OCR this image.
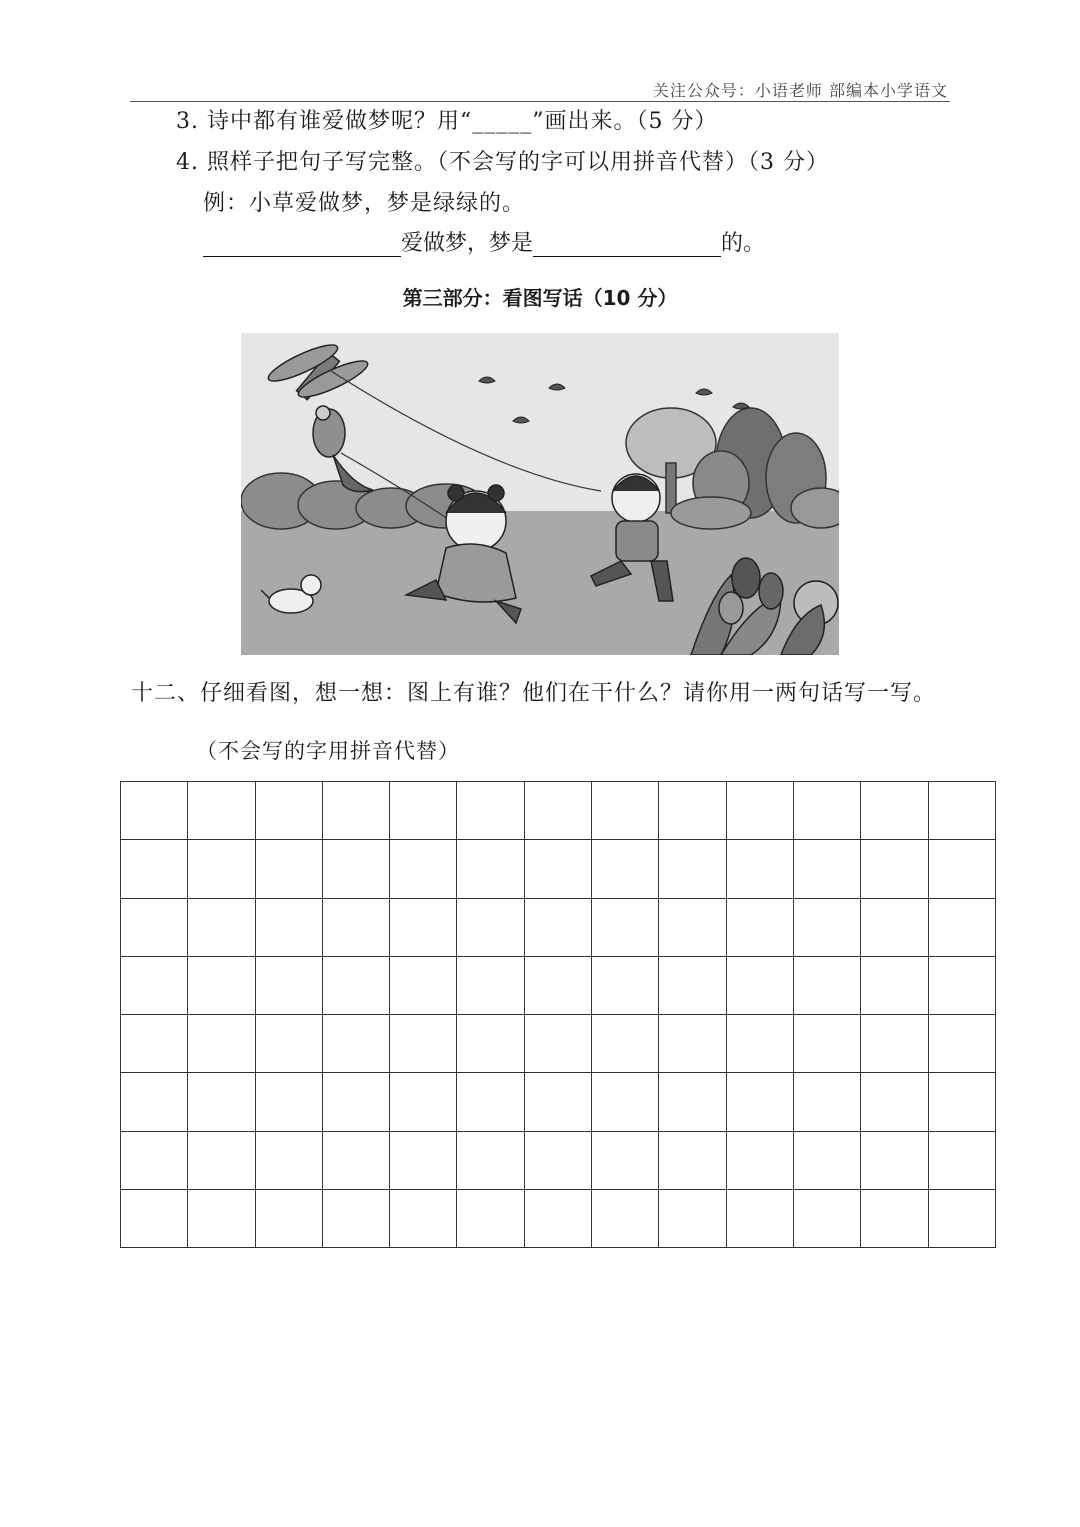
关注公众号：小语老师 部编本小学语文
3. 诗中都有谁爱做梦呢？用“_____”画出来。（5 分）
4. 照样子把句子写完整。（不会写的字可以用拼音代替）（3 分）
例：小草爱做梦，梦是绿绿的。
爱做梦，梦是	的。
第三部分：看图写话（10 分）
十二、仔细看图，想一想：图上有谁？他们在干什么？请你用一两句话写一写。
（不会写的字用拼音代替）
